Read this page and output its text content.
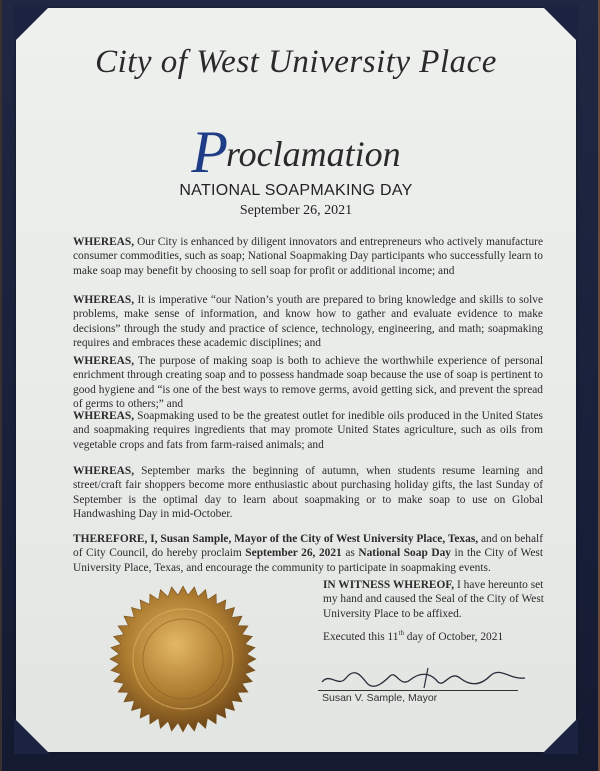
City of West University Place
Proclamation
NATIONAL SOAPMAKING DAY
September 26, 2021
WHEREAS, Our City is enhanced by diligent innovators and entrepreneurs who actively manufacture consumer commodities, such as soap; National Soapmaking Day participants who successfully learn to make soap may benefit by choosing to sell soap for profit or additional income; and
WHEREAS, It is imperative “our Nation’s youth are prepared to bring knowledge and skills to solve problems, make sense of information, and know how to gather and evaluate evidence to make decisions” through the study and practice of science, technology, engineering, and math; soapmaking requires and embraces these academic disciplines; and
WHEREAS, The purpose of making soap is both to achieve the worthwhile experience of personal enrichment through creating soap and to possess handmade soap because the use of soap is pertinent to good hygiene and “is one of the best ways to remove germs, avoid getting sick, and prevent the spread of germs to others;” and
WHEREAS, Soapmaking used to be the greatest outlet for inedible oils produced in the United States and soapmaking requires ingredients that may promote United States agriculture, such as oils from vegetable crops and fats from farm-raised animals; and
WHEREAS, September marks the beginning of autumn, when students resume learning and street/craft fair shoppers become more enthusiastic about purchasing holiday gifts, the last Sunday of September is the optimal day to learn about soapmaking or to make soap to use on Global Handwashing Day in mid-October.
THEREFORE, I, Susan Sample, Mayor of the City of West University Place, Texas, and on behalf of City Council, do hereby proclaim September 26, 2021 as National Soap Day in the City of West University Place, Texas, and encourage the community to participate in soapmaking events.
IN WITNESS WHEREOF, I have hereunto set my hand and caused the Seal of the City of West University Place to be affixed.
Executed this 11th day of October, 2021
Susan V. Sample, Mayor
